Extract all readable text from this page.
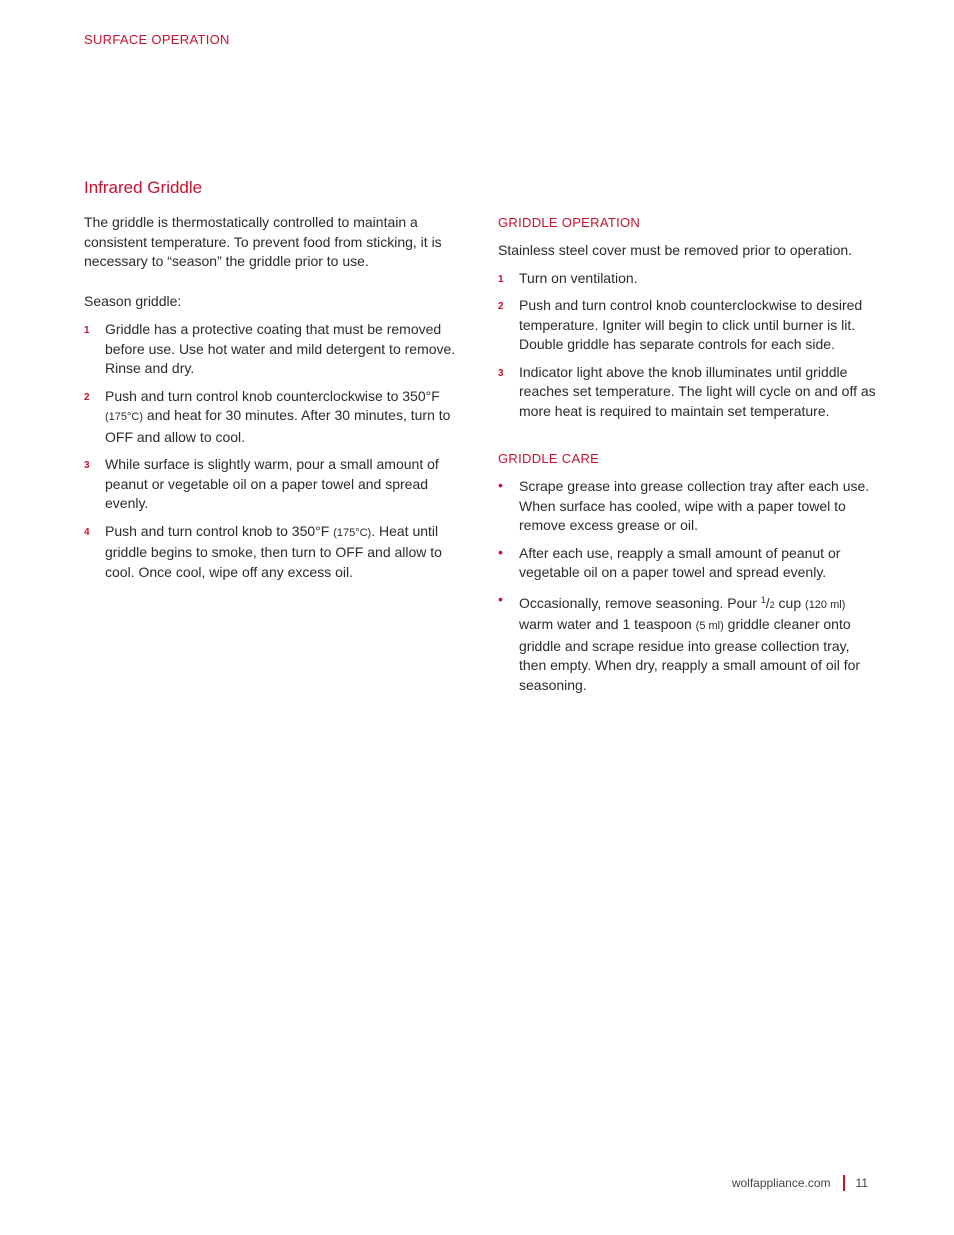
SURFACE OPERATION
Infrared Griddle

The griddle is thermostatically controlled to maintain a consistent temperature. To prevent food from sticking, it is necessary to “season” the griddle prior to use.

Season griddle:
1 Griddle has a protective coating that must be removed before use. Use hot water and mild detergent to remove. Rinse and dry.
2 Push and turn control knob counterclockwise to 350°F (175°C) and heat for 30 minutes. After 30 minutes, turn to OFF and allow to cool.
3 While surface is slightly warm, pour a small amount of peanut or vegetable oil on a paper towel and spread evenly.
4 Push and turn control knob to 350°F (175°C). Heat until griddle begins to smoke, then turn to OFF and allow to cool. Once cool, wipe off any excess oil.
GRIDDLE OPERATION

Stainless steel cover must be removed prior to operation.

1 Turn on ventilation.
2 Push and turn control knob counterclockwise to desired temperature. Igniter will begin to click until burner is lit. Double griddle has separate controls for each side.
3 Indicator light above the knob illuminates until griddle reaches set temperature. The light will cycle on and off as more heat is required to maintain set temperature.
GRIDDLE CARE
• Scrape grease into grease collection tray after each use. When surface has cooled, wipe with a paper towel to remove excess grease or oil.
• After each use, reapply a small amount of peanut or vegetable oil on a paper towel and spread evenly.
• Occasionally, remove seasoning. Pour $^1$/2 cup (120 ml) warm water and 1 teaspoon (5 ml) griddle cleaner onto griddle and scrape residue into grease collection tray, then empty. When dry, reapply a small amount of oil for seasoning.
wolfappliance.com 11
